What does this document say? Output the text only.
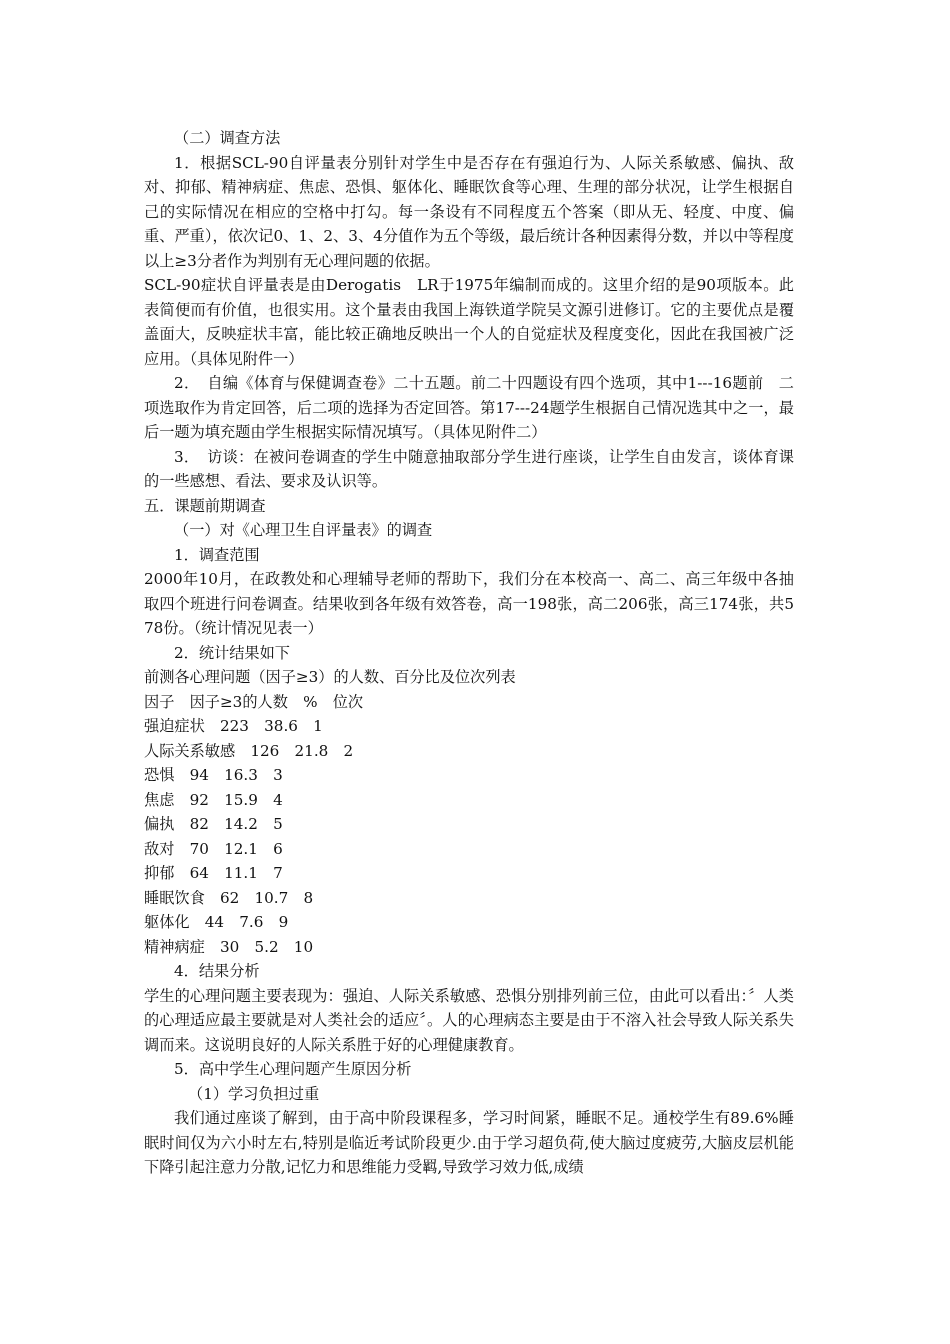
（二）调查方法

1．根据SCL-90自评量表分别针对学生中是否存在有强迫行为、人际关系敏感、偏执、敌对、抑郁、精神病症、焦虑、恐惧、躯体化、睡眠饮食等心理、生理的部分状况，让学生根据自己的实际情况在相应的空格中打勾。每一条设有不同程度五个答案（即从无、轻度、中度、偏重、严重），依次记0、1、2、3、4分值作为五个等级，最后统计各种因素得分数，并以中等程度以上≥3分者作为判别有无心理问题的依据。

SCL-90症状自评量表是由Derogatis　LR于1975年编制而成的。这里介绍的是90项版本。此表简便而有价值，也很实用。这个量表由我国上海铁道学院吴文源引进修订。它的主要优点是覆盖面大，反映症状丰富，能比较正确地反映出一个人的自觉症状及程度变化，因此在我国被广泛应用。（具体见附件一）

2．　自编《体育与保健调查卷》二十五题。前二十四题设有四个选项，其中1---16题前　二项选取作为肯定回答，后二项的选择为否定回答。第17---24题学生根据自己情况选其中之一，最后一题为填充题由学生根据实际情况填写。（具体见附件二）

3．　访谈：在被问卷调查的学生中随意抽取部分学生进行座谈，让学生自由发言，谈体育课的一些感想、看法、要求及认识等。

五．课题前期调查

（一）对《心理卫生自评量表》的调查

1．调查范围

2000年10月，在政教处和心理辅导老师的帮助下，我们分在本校高一、高二、高三年级中各抽取四个班进行问卷调查。结果收到各年级有效答卷，高一198张，高二206张，高三174张，共578份。（统计情况见表一）

2．统计结果如下

前测各心理问题（因子≥3）的人数、百分比及位次列表

因子　因子≥3的人数　%　位次

强迫症状　223　38.6　1

人际关系敏感　126　21.8　2

恐惧　94　16.3　3

焦虑　92　15.9　4

偏执　82　14.2　5

敌对　70　12.1　6

抑郁　64　11.1　7

睡眠饮食　62　10.7　8

躯体化　44　7.6　9

精神病症　30　5.2　10

4．结果分析

学生的心理问题主要表现为：强迫、人际关系敏感、恐惧分别排列前三位，由此可以看出：〞人类的心理适应最主要就是对人类社会的适应〞。人的心理病态主要是由于不溶入社会导致人际关系失调而来。这说明良好的人际关系胜于好的心理健康教育。

5．高中学生心理问题产生原因分析

（1）学习负担过重

我们通过座谈了解到，由于高中阶段课程多，学习时间紧，睡眠不足。通校学生有89.6%睡眠时间仅为六小时左右,特别是临近考试阶段更少.由于学习超负荷,使大脑过度疲劳,大脑皮层机能下降引起注意力分散,记忆力和思维能力受羁,导致学习效力低,成绩
